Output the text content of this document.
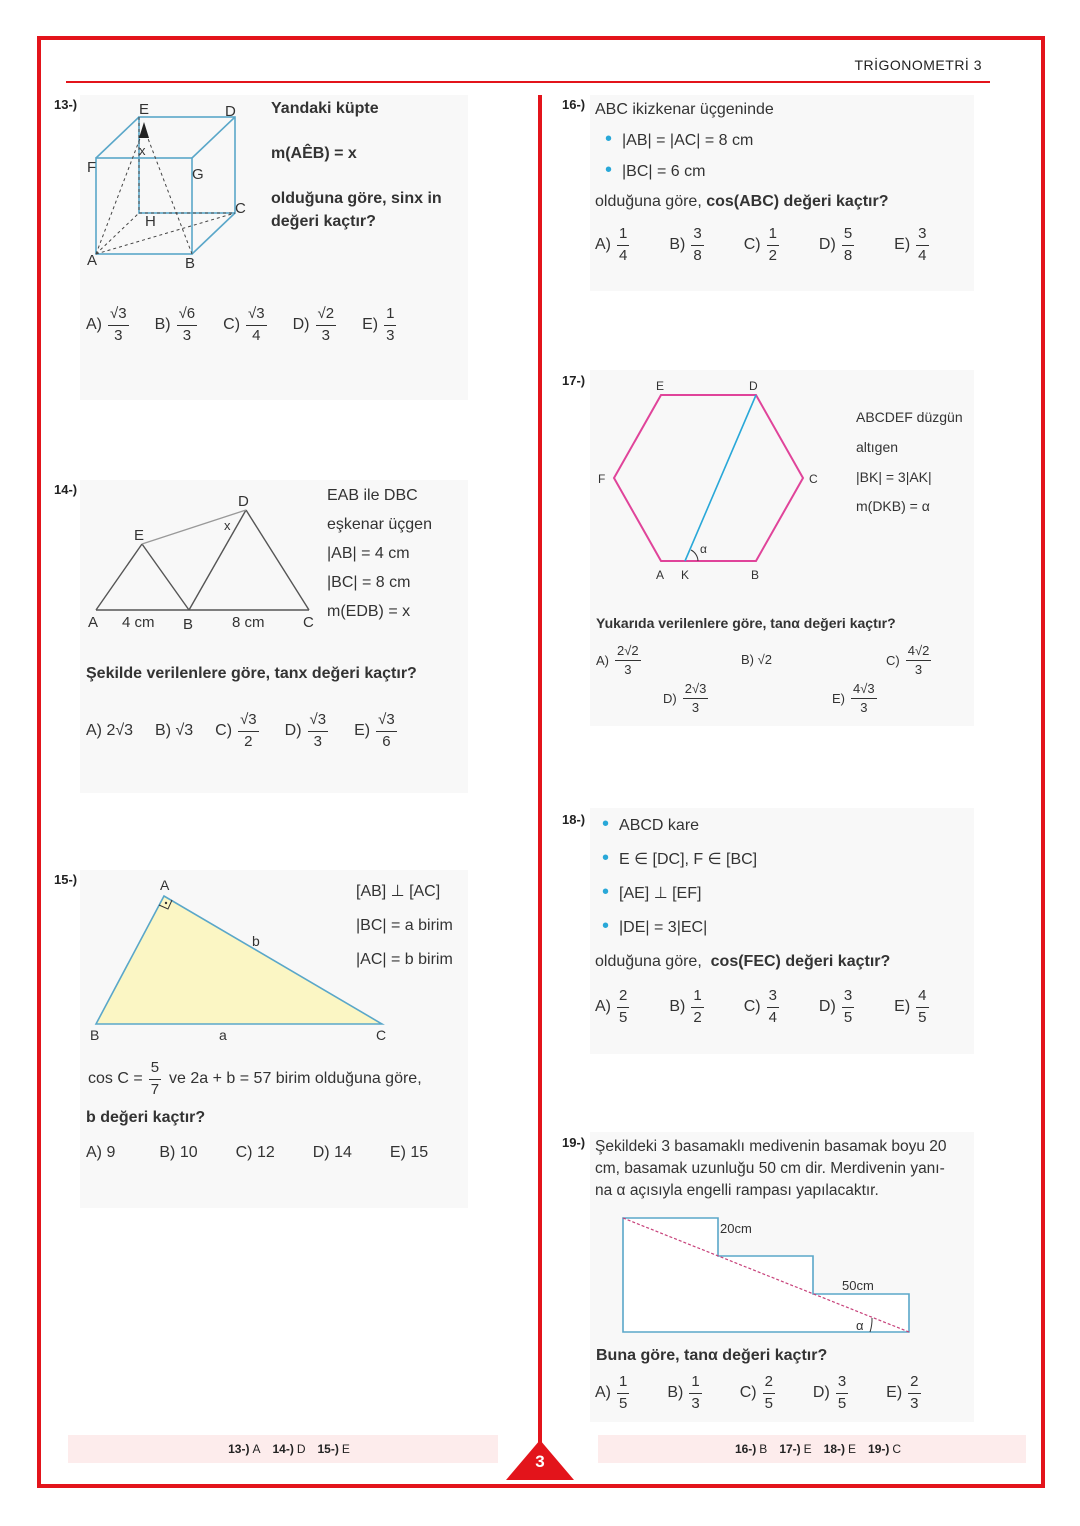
TRİGONOMETRİ 3
13-)	E	D
F	G
H
C
A	B
x
Yandaki küpte
m(AÊB) = x
olduğuna göre, sinx in
değeri kaçtır?
$A) \frac{√3}{3} B) \frac{√6}{3} C) \frac{√3}{4} D) \frac{√2}{3} E) \frac{1}{3}$
14-)
A	B	C
D
E
x
4 cm	8 cm
EAB ile DBC
eşkenar üçgen
|AB| = 4 cm
|BC| = 8 cm
m(EDB) = x
Şekilde verilenlere göre, tanx değeri kaçtır?
A)
2√3 B)
√3 $C) \frac{√3}{2} D) \frac{√3}{3} E) \frac{√3}{6}$
15-)	A
B	C
a
b
[AB] ⊥ [AC]
|BC| = a birim
|AC| = b birim
$\cos C = \frac{5}{7}$ ve 2a + b = 57 birim olduğuna göre,
b değeri kaçtır?
A)
9	B)
10 C)
12 D)
14 E)
15
16-) ABC ikizkenar üçgeninde
• |AB| = |AC| = 8 cm
• |BC| = 6 cm
olduğuna göre, cos(ABC) değeri kaçtır?
$A) \frac{1}{4}$	$B) \frac{3}{8}$	$C) \frac{1}{2}$	$D) \frac{5}{8}$	$E) \frac{3}{4}$
17-)	E	D
F	C
A K	B
α
ABCDEF düzgün
altıgen
|BK| = 3|AK|
m(DKB) = α
Yukarıda verilenlere göre, tanα değeri kaçtır?
$A) \frac{2√2}{3}$	B)
√2	$C) \frac{4√2}{3}$
$D) \frac{2√3}{3}$	$E) \frac{4√3}{3}$
18-)
•	ABCD kare
• E ∈ [DC], F ∈ [BC]
• [AE] ⊥ [EF]
• |DE| = 3|EC|
olduğuna göre, cos(FEC) değeri kaçtır?
$A) \frac{2}{5}$	$B) \frac{1}{2}$	$C) \frac{3}{4}$	$D) \frac{3}{5}$	$E) \frac{4}{5}$
19-) Şekildeki 3 basamaklı medivenin basamak boyu 20
cm, basamak uzunluğu 50 cm dir. Merdivenin yanı-
na α açısıyla engelli rampası yapılacaktır.
20cm
50cm
α
Buna göre, tanα değeri kaçtır?
$A) \frac{1}{5} B) \frac{1}{3} C) \frac{2}{5} D) \frac{3}{5} E) \frac{2}{3}$
13-) A 14-) D 15-) E	16-) B 17-) E 18-) E 19-) C
3
